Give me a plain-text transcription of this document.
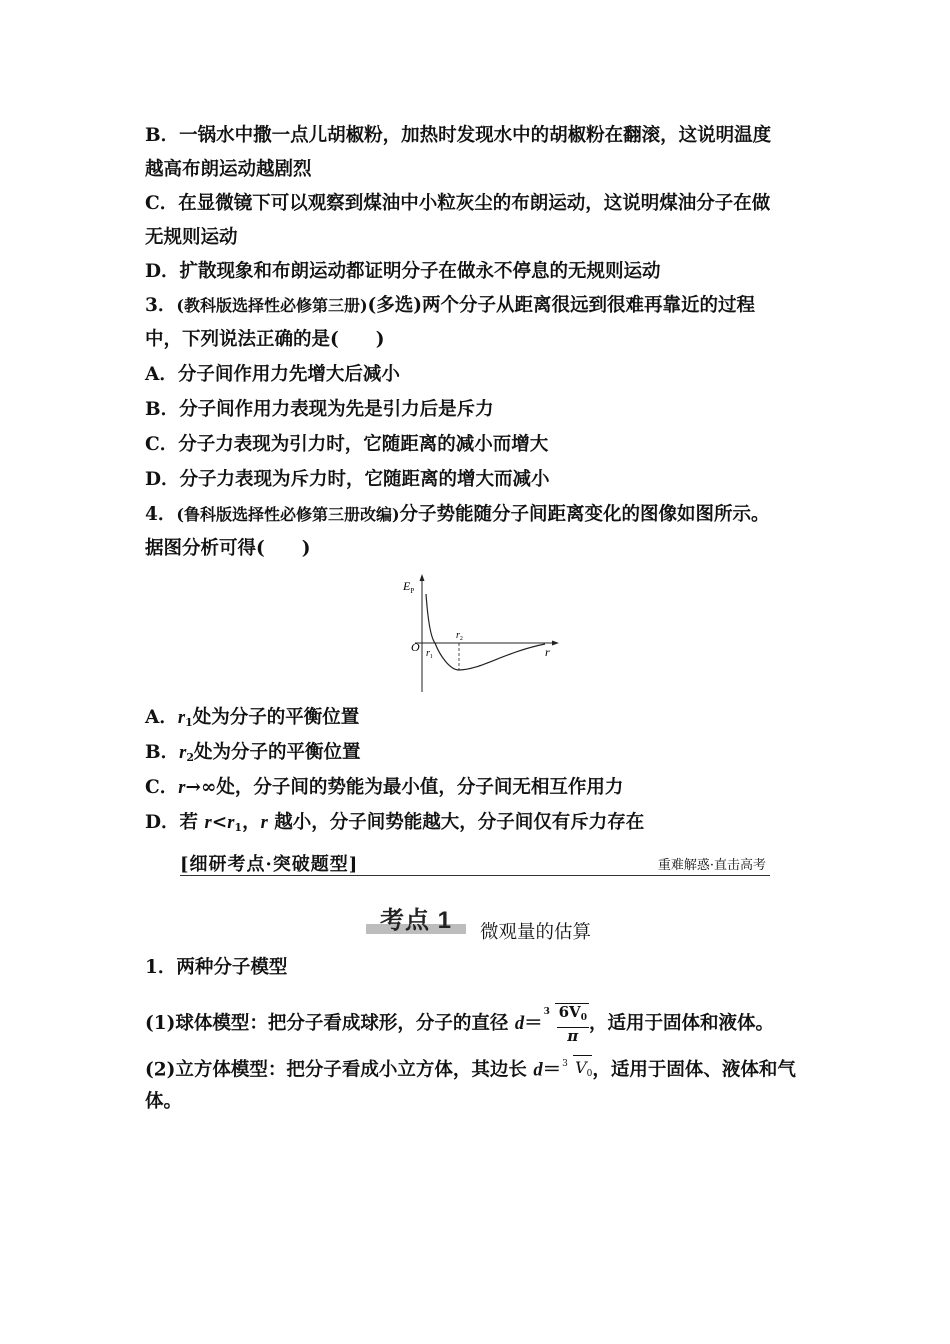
B．一锅水中撒一点儿胡椒粉，加热时发现水中的胡椒粉在翻滚，这说明温度
越高布朗运动越剧烈
C．在显微镜下可以观察到煤油中小粒灰尘的布朗运动，这说明煤油分子在做
无规则运动
D．扩散现象和布朗运动都证明分子在做永不停息的无规则运动
3．(教科版选择性必修第三册)(多选)两个分子从距离很远到很难再靠近的过程
中，下列说法正确的是(　　)
A．分子间作用力先增大后减小
B．分子间作用力表现为先是引力后是斥力
C．分子力表现为引力时，它随距离的减小而增大
D．分子力表现为斥力时，它随距离的增大而减小
4．(鲁科版选择性必修第三册改编)分子势能随分子间距离变化的图像如图所示。
据图分析可得(　　)
$E_P$
O $r_1$
$r_2$
r
A．$r_1$处为分子的平衡位置
B．$r_2$处为分子的平衡位置
C．r→∞处，分子间的势能为最小值，分子间无相互作用力
D．若 $r<r_1$，r 越小，分子间势能越大，分子间仅有斥力存在
[细研考点·突破题型]	重难解惑·直击高考
考点 1	微观量的估算
1．两种分子模型
(1)球体模型：把分子看成球形，分子的直径 d＝
$3 \frac{6V_0}{\pi}$ ，适用于固体和液体。
(2)立方体模型：把分子看成小立方体，其边长 d＝ 3 $V_0$，适用于固体、液体和气
体。
